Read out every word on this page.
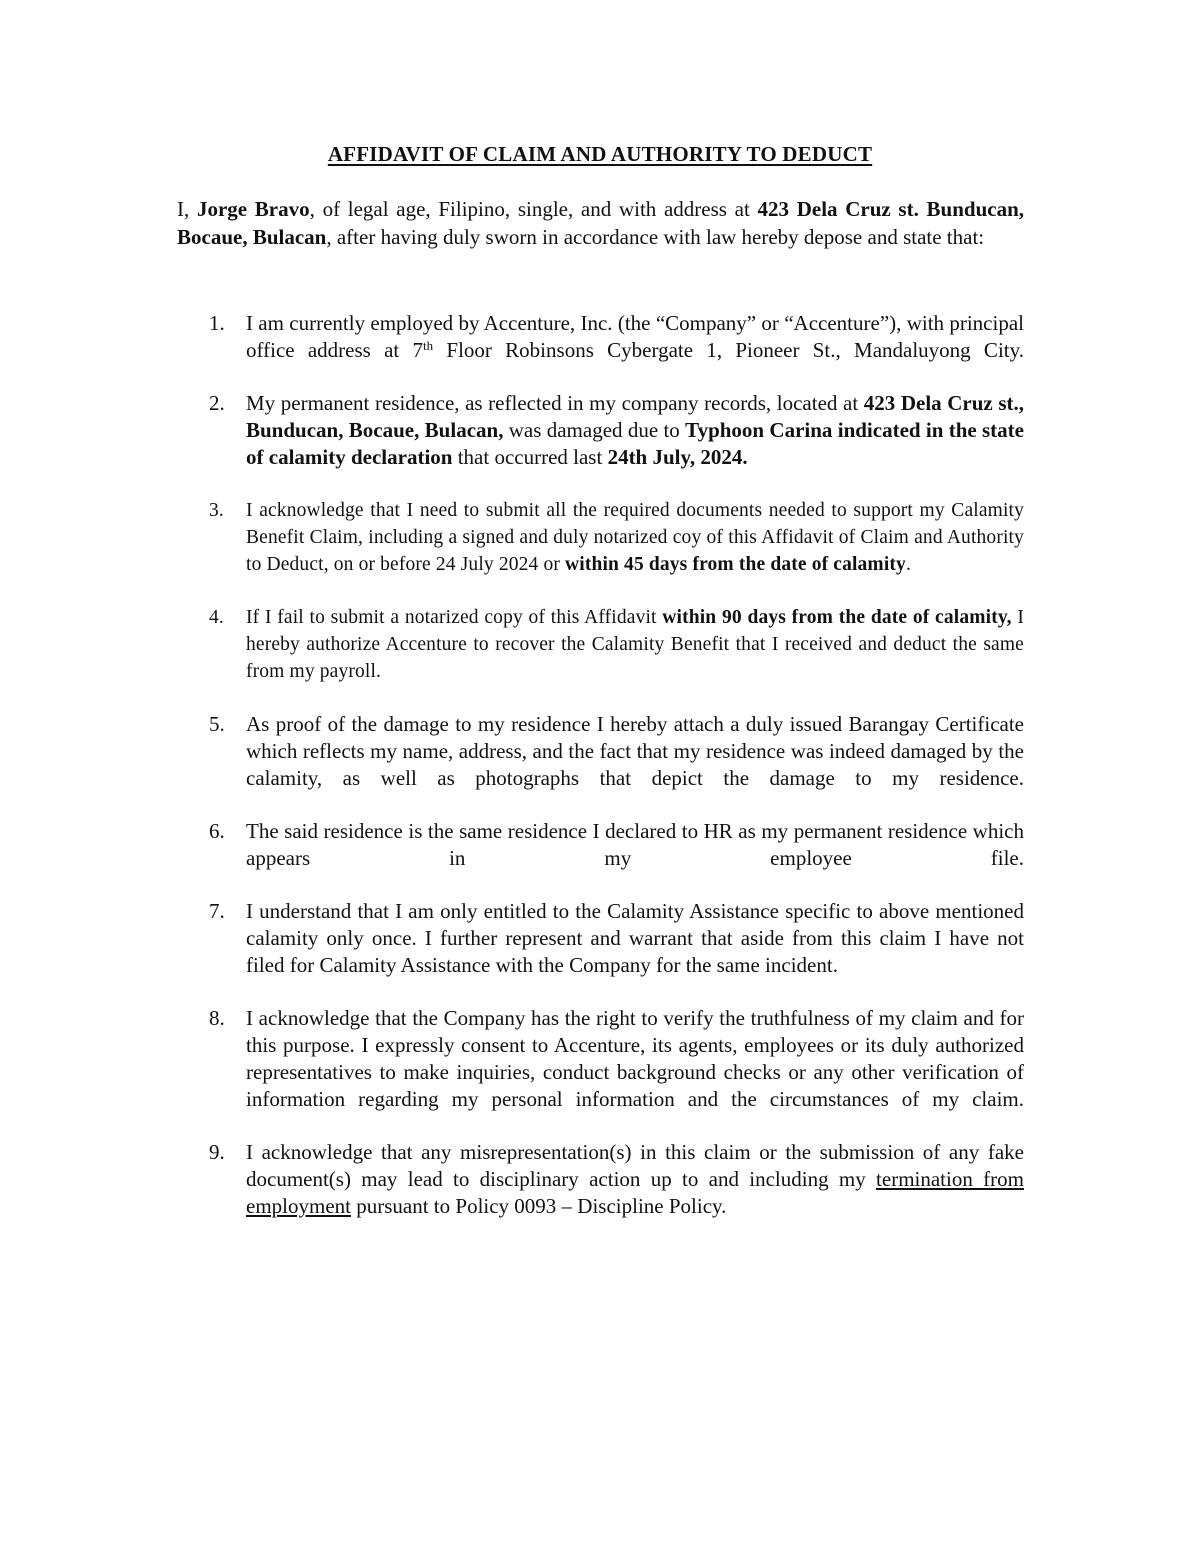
AFFIDAVIT OF CLAIM AND AUTHORITY TO DEDUCT

I, Jorge Bravo, of legal age, Filipino, single, and with address at 423 Dela Cruz st. Bunducan, Bocaue, Bulacan, after having duly sworn in accordance with law hereby depose and state that:

1. I am currently employed by Accenture, Inc. (the “Company” or “Accenture”), with principal office address at 7th Floor Robinsons Cybergate 1, Pioneer St., Mandaluyong City.
2. My permanent residence, as reflected in my company records, located at 423 Dela Cruz st., Bunducan, Bocaue, Bulacan, was damaged due to Typhoon Carina indicated in the state of calamity declaration that occurred last 24th July, 2024.
3. I acknowledge that I need to submit all the required documents needed to support my Calamity Benefit Claim, including a signed and duly notarized coy of this Affidavit of Claim and Authority to Deduct, on or before 24 July 2024 or within 45 days from the date of calamity.
4. If I fail to submit a notarized copy of this Affidavit within 90 days from the date of calamity, I hereby authorize Accenture to recover the Calamity Benefit that I received and deduct the same from my payroll.
5. As proof of the damage to my residence I hereby attach a duly issued Barangay Certificate which reflects my name, address, and the fact that my residence was indeed damaged by the calamity, as well as photographs that depict the damage to my residence.
6. The said residence is the same residence I declared to HR as my permanent residence which appears in my employee file.
7. I understand that I am only entitled to the Calamity Assistance specific to above mentioned calamity only once. I further represent and warrant that aside from this claim I have not filed for Calamity Assistance with the Company for the same incident.
8. I acknowledge that the Company has the right to verify the truthfulness of my claim and for this purpose. I expressly consent to Accenture, its agents, employees or its duly authorized representatives to make inquiries, conduct background checks or any other verification of information regarding my personal information and the circumstances of my claim.
9. I acknowledge that any misrepresentation(s) in this claim or the submission of any fake document(s) may lead to disciplinary action up to and including my termination from employment pursuant to Policy 0093 – Discipline Policy.
